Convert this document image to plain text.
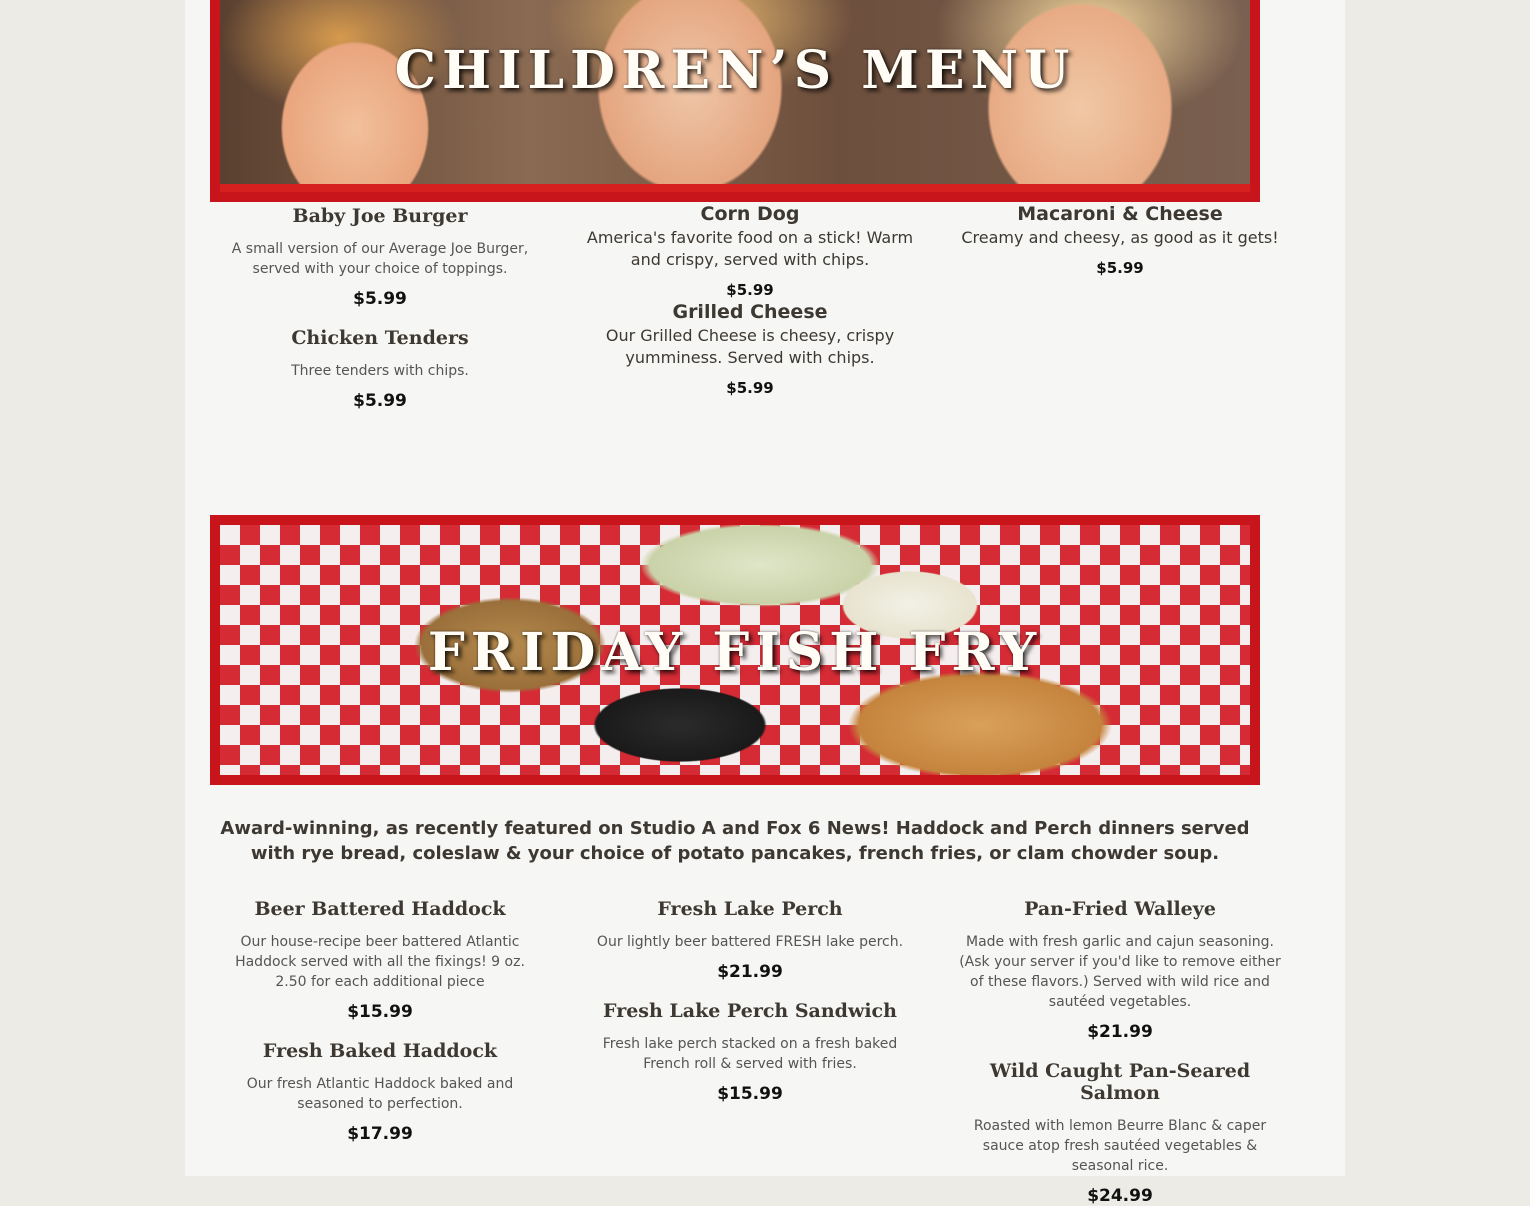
CHILDREN’S MENU

Baby Joe Burger

A small version of our Average Joe Burger, served with your choice of toppings.

$5.99

Chicken Tenders

Three tenders with chips.

$5.99

Corn Dog

America's favorite food on a stick! Warm and crispy, served with chips.

$5.99

Grilled Cheese

Our Grilled Cheese is cheesy, crispy yumminess. Served with chips.

$5.99

Macaroni & Cheese

Creamy and cheesy, as good as it gets!

$5.99

FRIDAY FISH FRY
Award-winning, as recently featured on Studio A and Fox 6 News! Haddock and Perch dinners served with rye bread, coleslaw & your choice of potato pancakes, french fries, or clam chowder soup.

Beer Battered Haddock

Our house-recipe beer battered Atlantic Haddock served with all the fixings! 9 oz. 2.50 for each additional piece

$15.99

Fresh Baked Haddock

Our fresh Atlantic Haddock baked and seasoned to perfection.

$17.99

Fresh Lake Perch

Our lightly beer battered FRESH lake perch.

$21.99

Fresh Lake Perch Sandwich

Fresh lake perch stacked on a fresh baked French roll & served with fries.

$15.99

Pan-Fried Walleye

Made with fresh garlic and cajun seasoning. (Ask your server if you'd like to remove either of these flavors.) Served with wild rice and sautéed vegetables.

$21.99

Wild Caught Pan-Seared Salmon

Roasted with lemon Beurre Blanc & caper sauce atop fresh sautéed vegetables & seasonal rice.

$24.99
